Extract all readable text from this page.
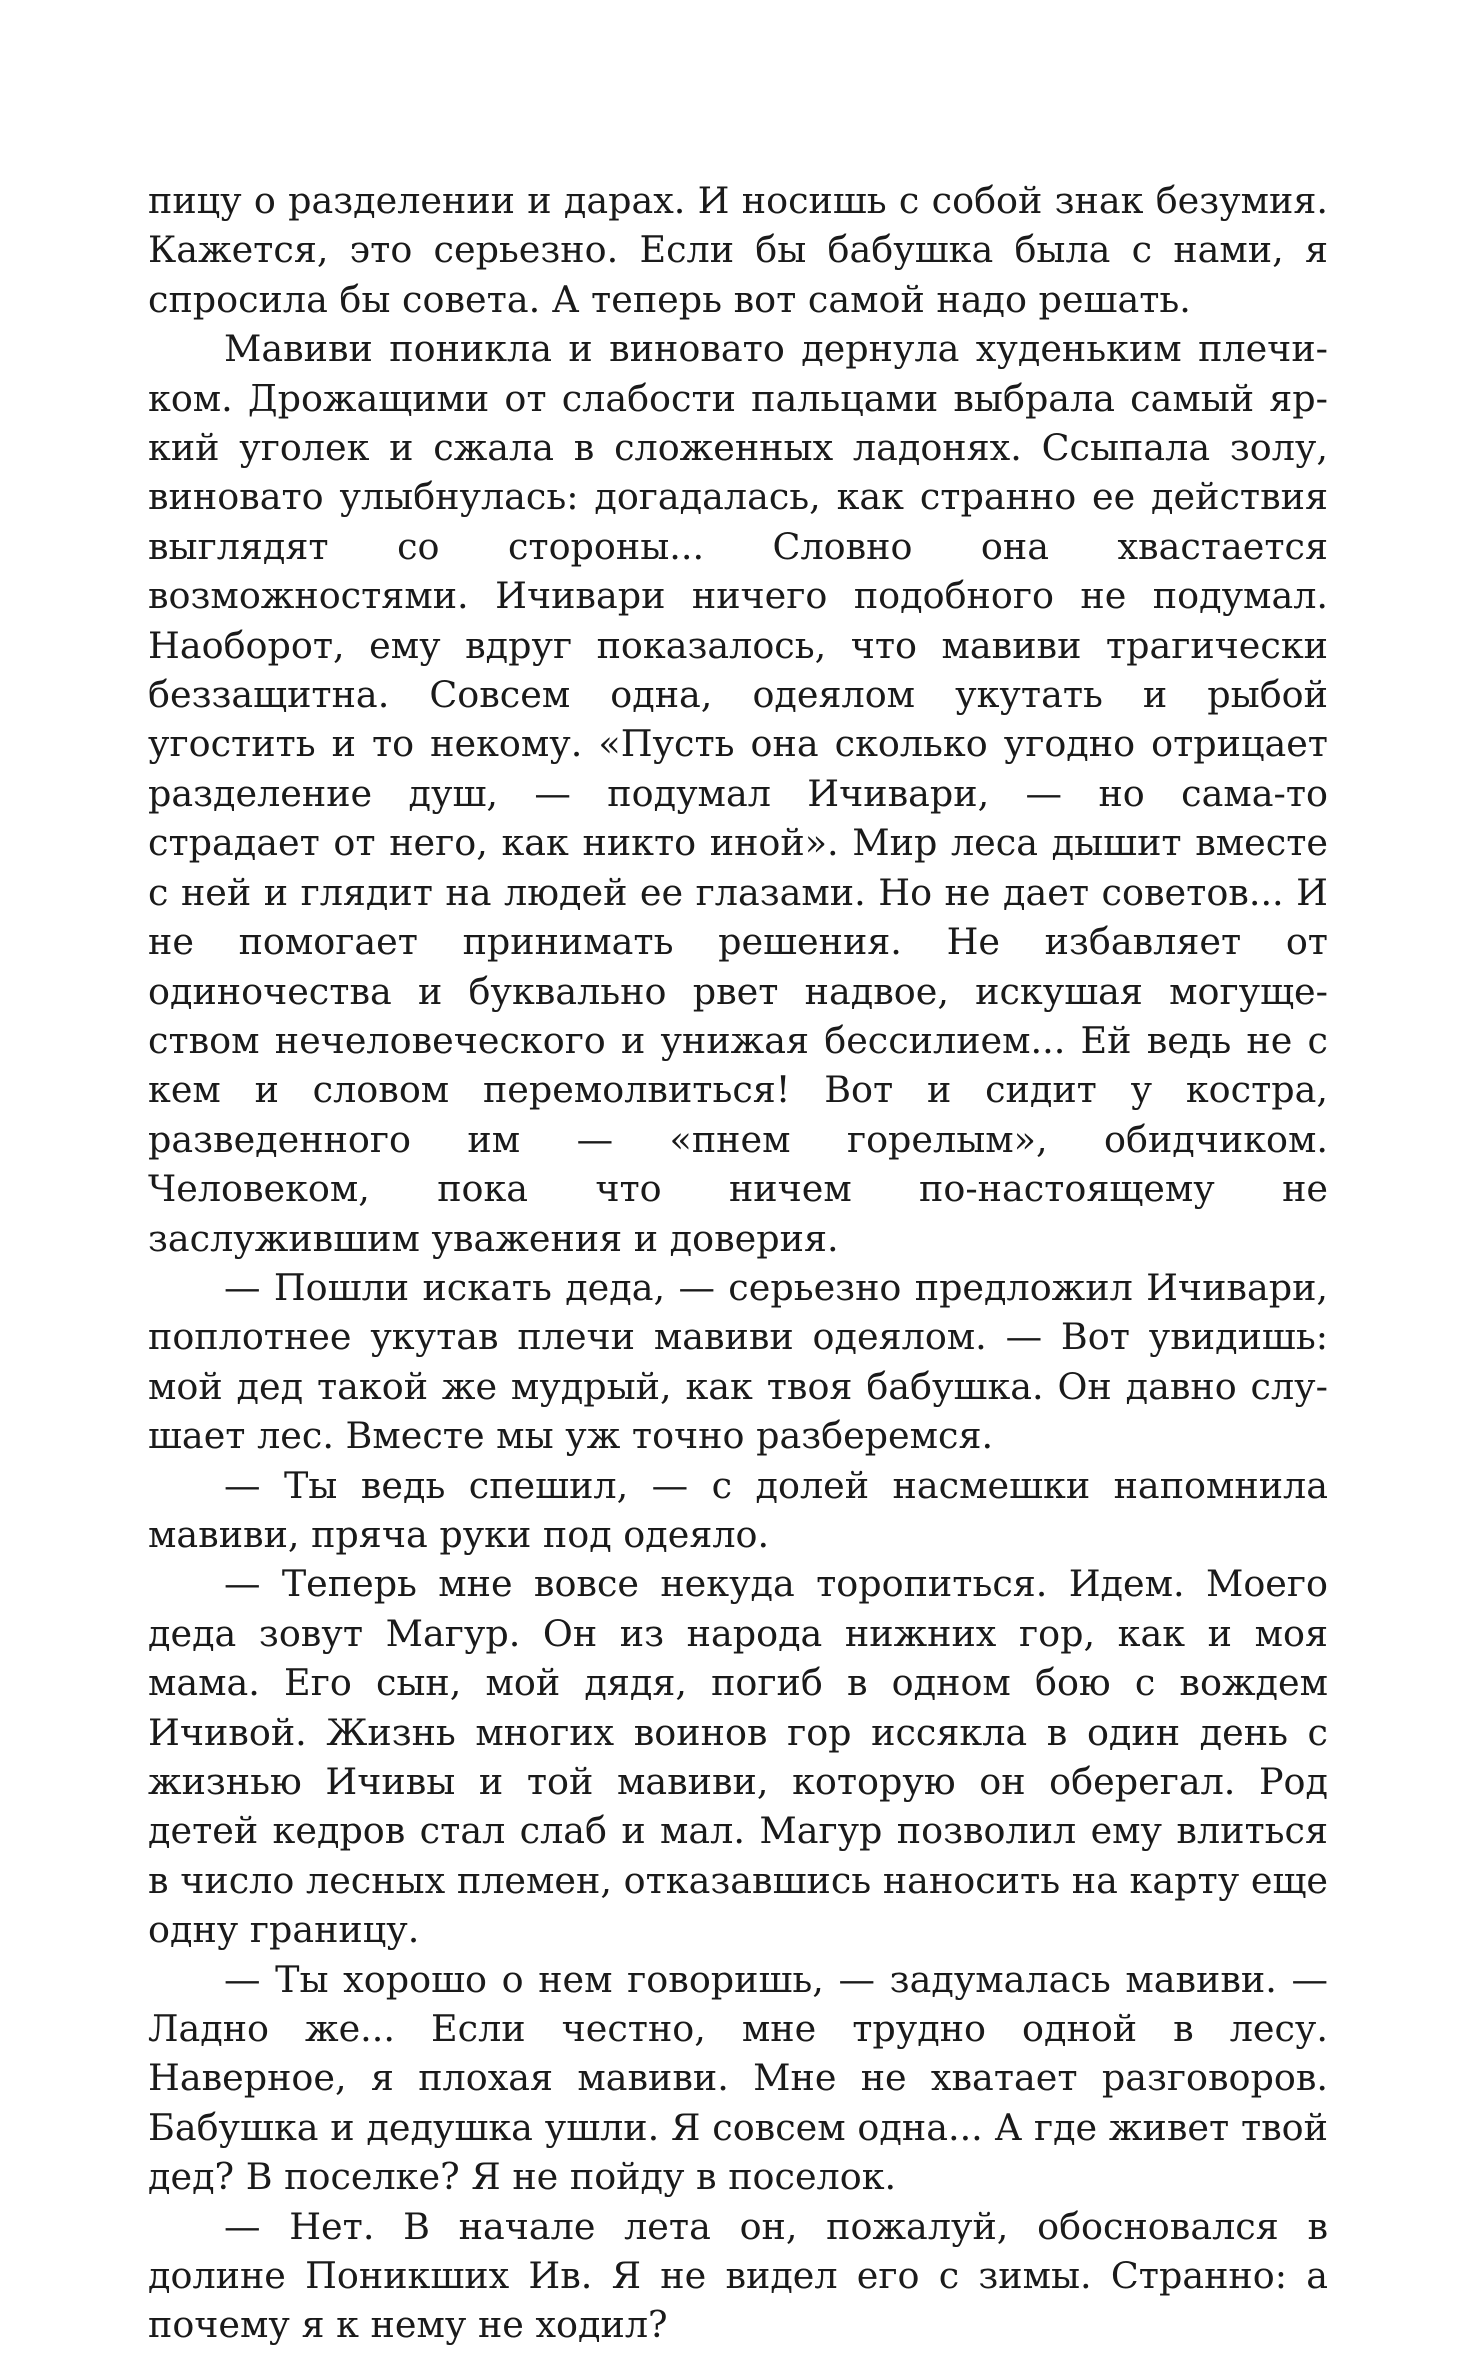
пицу о разделении и дарах. И носишь с собой знак безумия. Кажется, это серьезно. Если бы бабушка была с нами, я спросила бы совета. А теперь вот самой надо решать.

Мавиви поникла и виновато дернула худеньким плечиком. Дрожащими от слабости пальцами выбрала самый яркий уголек и сжала в сложенных ладонях. Ссыпала золу, виновато улыбнулась: догадалась, как странно ее действия выглядят со стороны... Словно она хвастается возможностями. Ичивари ничего подобного не подумал. Наоборот, ему вдруг показалось, что мавиви трагически беззащитна. Совсем одна, одеялом укутать и рыбой угостить и то некому. «Пусть она сколько угодно отрицает разделение душ, — подумал Ичивари, — но сама-то страдает от него, как никто иной». Мир леса дышит вместе с ней и глядит на людей ее глазами. Но не дает советов... И не помогает принимать решения. Не избавляет от одиночества и буквально рвет надвое, искушая могуществом нечеловеческого и унижая бессилием... Ей ведь не с кем и словом перемолвиться! Вот и сидит у костра, разведенного им — «пнем горелым», обидчиком. Человеком, пока что ничем по-настоящему не заслужившим уважения и доверия.

— Пошли искать деда, — серьезно предложил Ичивари, поплотнее укутав плечи мавиви одеялом. — Вот увидишь: мой дед такой же мудрый, как твоя бабушка. Он давно слушает лес. Вместе мы уж точно разберемся.

— Ты ведь спешил, — с долей насмешки напомнила мавиви, пряча руки под одеяло.

— Теперь мне вовсе некуда торопиться. Идем. Моего деда зовут Магур. Он из народа нижних гор, как и моя мама. Его сын, мой дядя, погиб в одном бою с вождем Ичивой. Жизнь многих воинов гор иссякла в один день с жизнью Ичивы и той мавиви, которую он оберегал. Род детей кедров стал слаб и мал. Магур позволил ему влиться в число лесных племен, отказавшись наносить на карту еще одну границу.

— Ты хорошо о нем говоришь, — задумалась мавиви. — Ладно же... Если честно, мне трудно одной в лесу. Наверное, я плохая мавиви. Мне не хватает разговоров. Бабушка и дедушка ушли. Я совсем одна... А где живет твой дед? В поселке? Я не пойду в поселок.

— Нет. В начале лета он, пожалуй, обосновался в долине Поникших Ив. Я не видел его с зимы. Странно: а почему я к нему не ходил?
